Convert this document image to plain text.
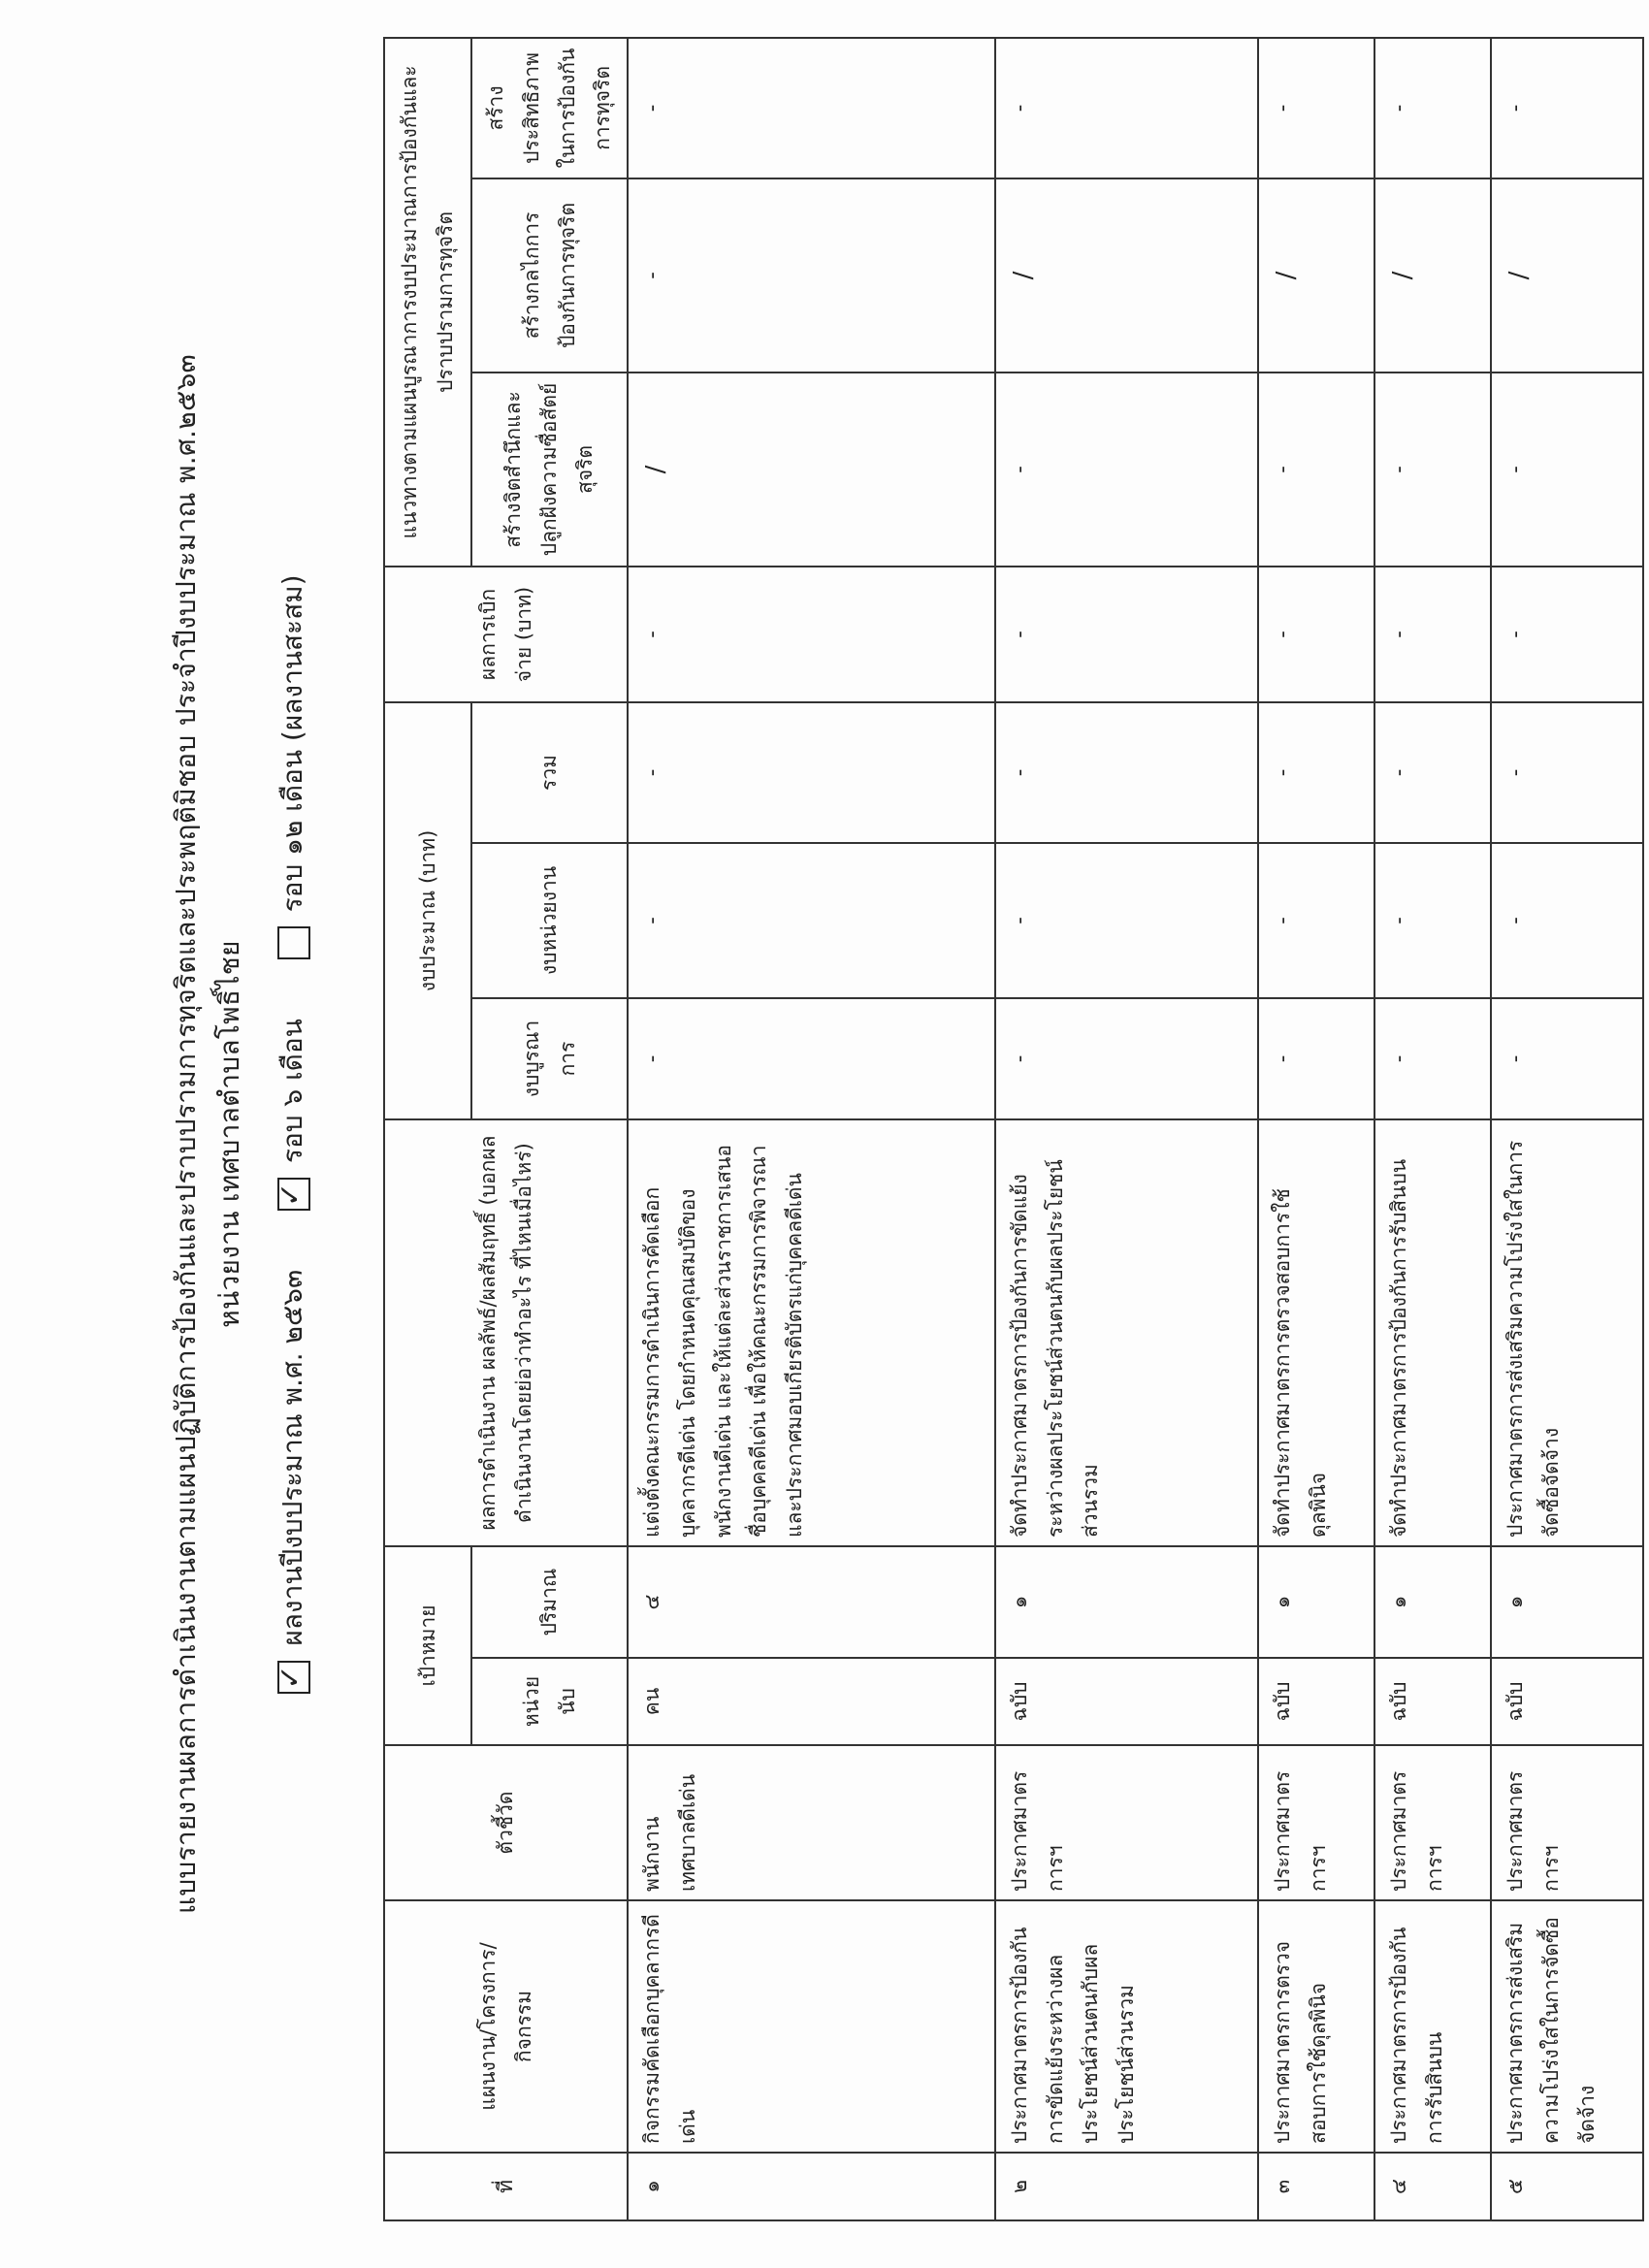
แบบรายงานผลการดำเนินงานตามแผนปฏิบัติการป้องกันและปราบปรามการทุจริตและประพฤติมิชอบ ประจำปีงบประมาณ พ.ศ.๒๕๖๓ หน่วยงาน เทศบาลตำบลโพธิ์ไชย
✓ ผลงานปีงบประมาณ พ.ศ. ๒๕๖๓ ✓ รอบ ๖ เดือน  รอบ ๑๒ เดือน (ผลงานสะสม)
ที่	แผนงาน/โครงการ/กิจกรรม	ตัวชี้วัด	เป้าหมาย		ผลการดำเนินงาน ผลลัพธ์/ผลสัมฤทธิ์ (บอกผลดำเนินงานโดยย่อว่าทำอะไร ที่ไหนเมื่อไหร่)	งบประมาณ (บาท)			ผลการเบิกจ่าย (บาท)	แนวทางตามแผนบูรณาการงบประมาณการป้องกันและปราบปรามการทุจริต		
			หน่วยนับ	ปริมาณ		งบบูรณาการ	งบหน่วยงาน	รวม		สร้างจิตสำนึกและปลูกฝังความซื่อสัตย์สุจริต	สร้างกลไกการป้องกันการทุจริต	สร้างประสิทธิภาพในการป้องกันการทุจริต
๑	กิจกรรมคัดเลือกบุคลากรดีเด่น	พนักงานเทศบาลดีเด่น	คน	๔	แต่งตั้งคณะกรรมการดำเนินการคัดเลือกบุคลากรดีเด่น โดยกำหนดคุณสมบัติของพนักงานดีเด่น และให้แต่ละส่วนราชการเสนอชื่อบุคคลดีเด่น เพื่อให้คณะกรรมการพิจารณา และประกาศมอบเกียรติบัตรแก่บุคคลดีเด่น	-	-	-	-	/	-	-
๒	ประกาศมาตรการป้องกันการขัดแย้งระหว่างผลประโยชน์ส่วนตนกับผลประโยชน์ส่วนรวม	ประกาศมาตรการฯ	ฉบับ	๑	จัดทำประกาศมาตรการป้องกันการขัดแย้งระหว่างผลประโยชน์ส่วนตนกับผลประโยชน์ส่วนรวม	-	-	-	-	-	/	-
๓	ประกาศมาตรการตรวจสอบการใช้ดุลพินิจ	ประกาศมาตรการฯ	ฉบับ	๑	จัดทำประกาศมาตรการตรวจสอบการใช้ดุลพินิจ	-	-	-	-	-	/	-
๔	ประกาศมาตรการป้องกันการรับสินบน	ประกาศมาตรการฯ	ฉบับ	๑	จัดทำประกาศมาตรการป้องกันการรับสินบน	-	-	-	-	-	/	-
๕	ประกาศมาตรการส่งเสริมความโปร่งใสในการจัดซื้อจัดจ้าง	ประกาศมาตรการฯ	ฉบับ	๑	ประกาศมาตรการส่งเสริมความโปร่งใสในการจัดซื้อจัดจ้าง	-	-	-	-	-	/	-
